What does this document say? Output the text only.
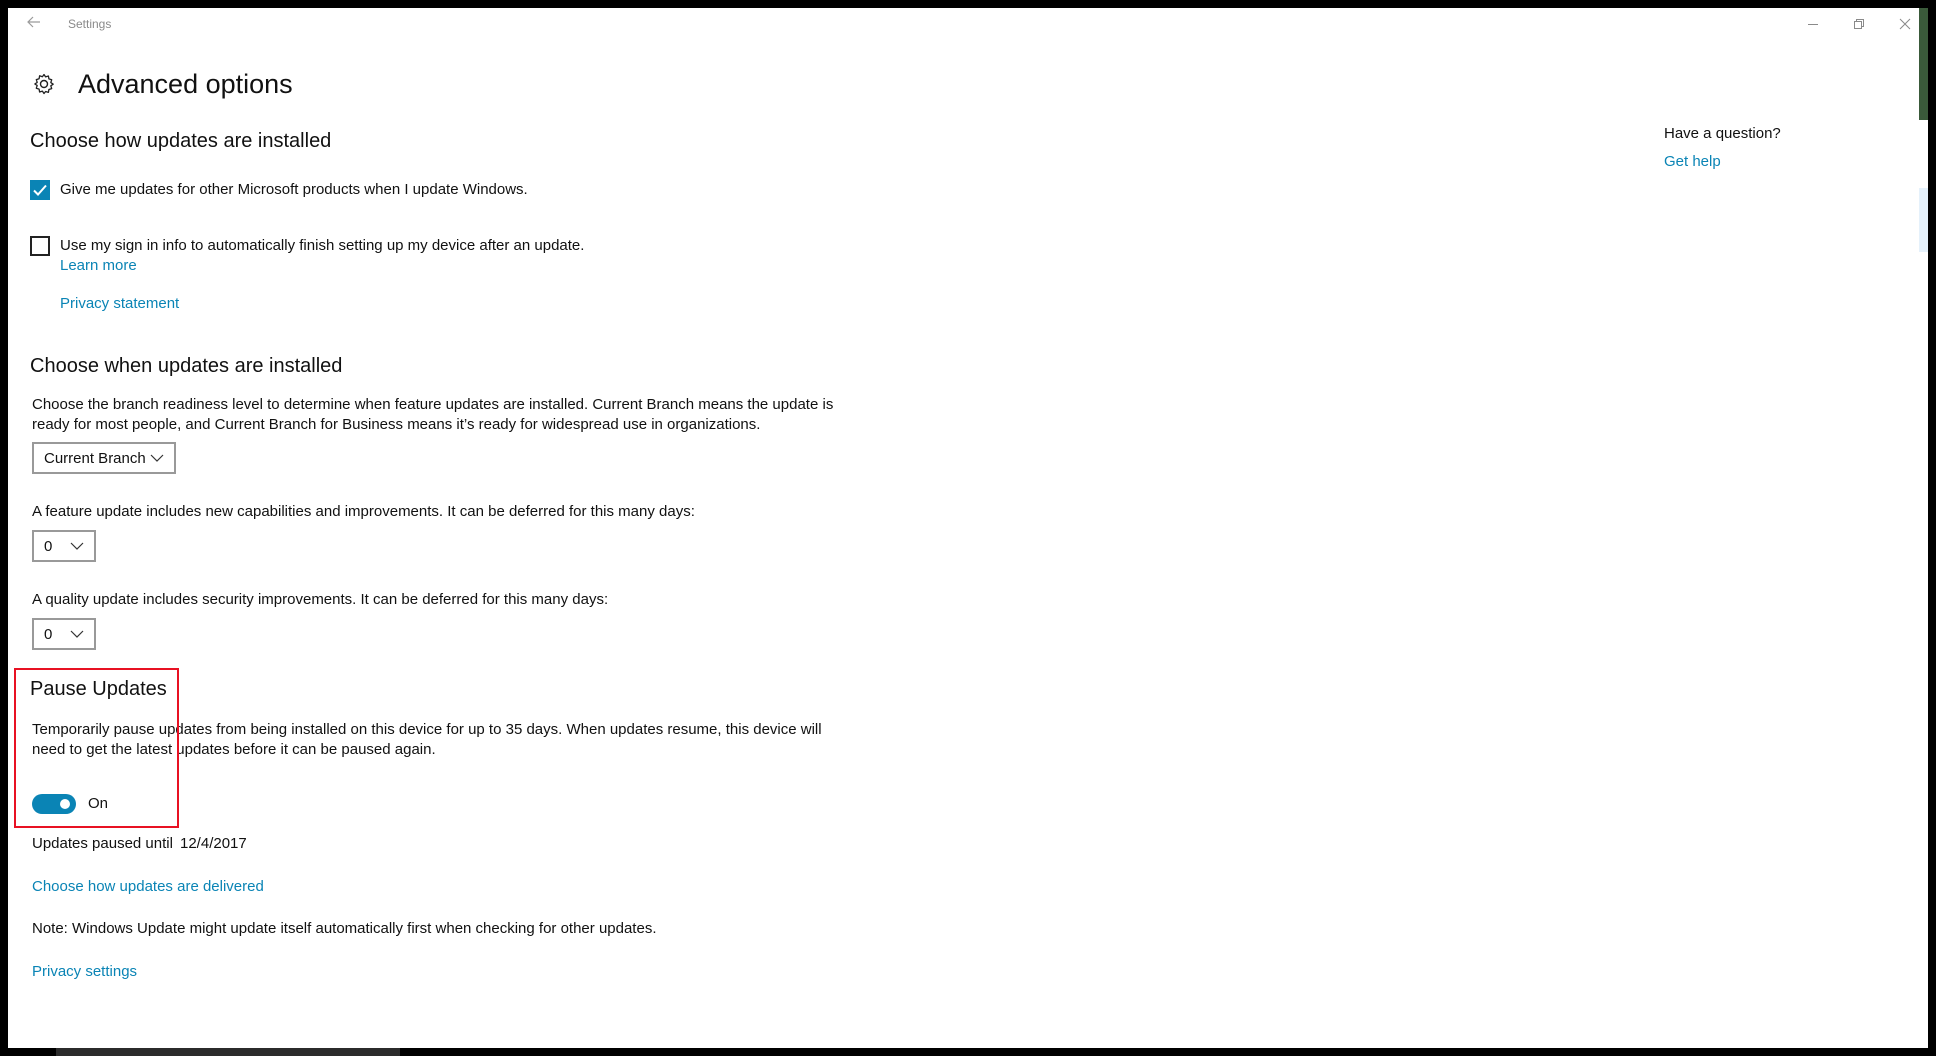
Settings
Advanced options
Choose how updates are installed
Give me updates for other Microsoft products when I update Windows.
Use my sign in info to automatically finish setting up my device after an update.
Learn more
Privacy statement
Choose when updates are installed
Choose the branch readiness level to determine when feature updates are installed. Current Branch means the update is
ready for most people, and Current Branch for Business means it’s ready for widespread use in organizations.
Current Branch
A feature update includes new capabilities and improvements. It can be deferred for this many days:
0
A quality update includes security improvements. It can be deferred for this many days:
0
Pause Updates
Temporarily pause updates from being installed on this device for up to 35 days. When updates resume, this device will
need to get the latest updates before it can be paused again.
On
Updates paused until 12/4/2017
Choose how updates are delivered
Note: Windows Update might update itself automatically first when checking for other updates.
Privacy settings
Have a question?
Get help
